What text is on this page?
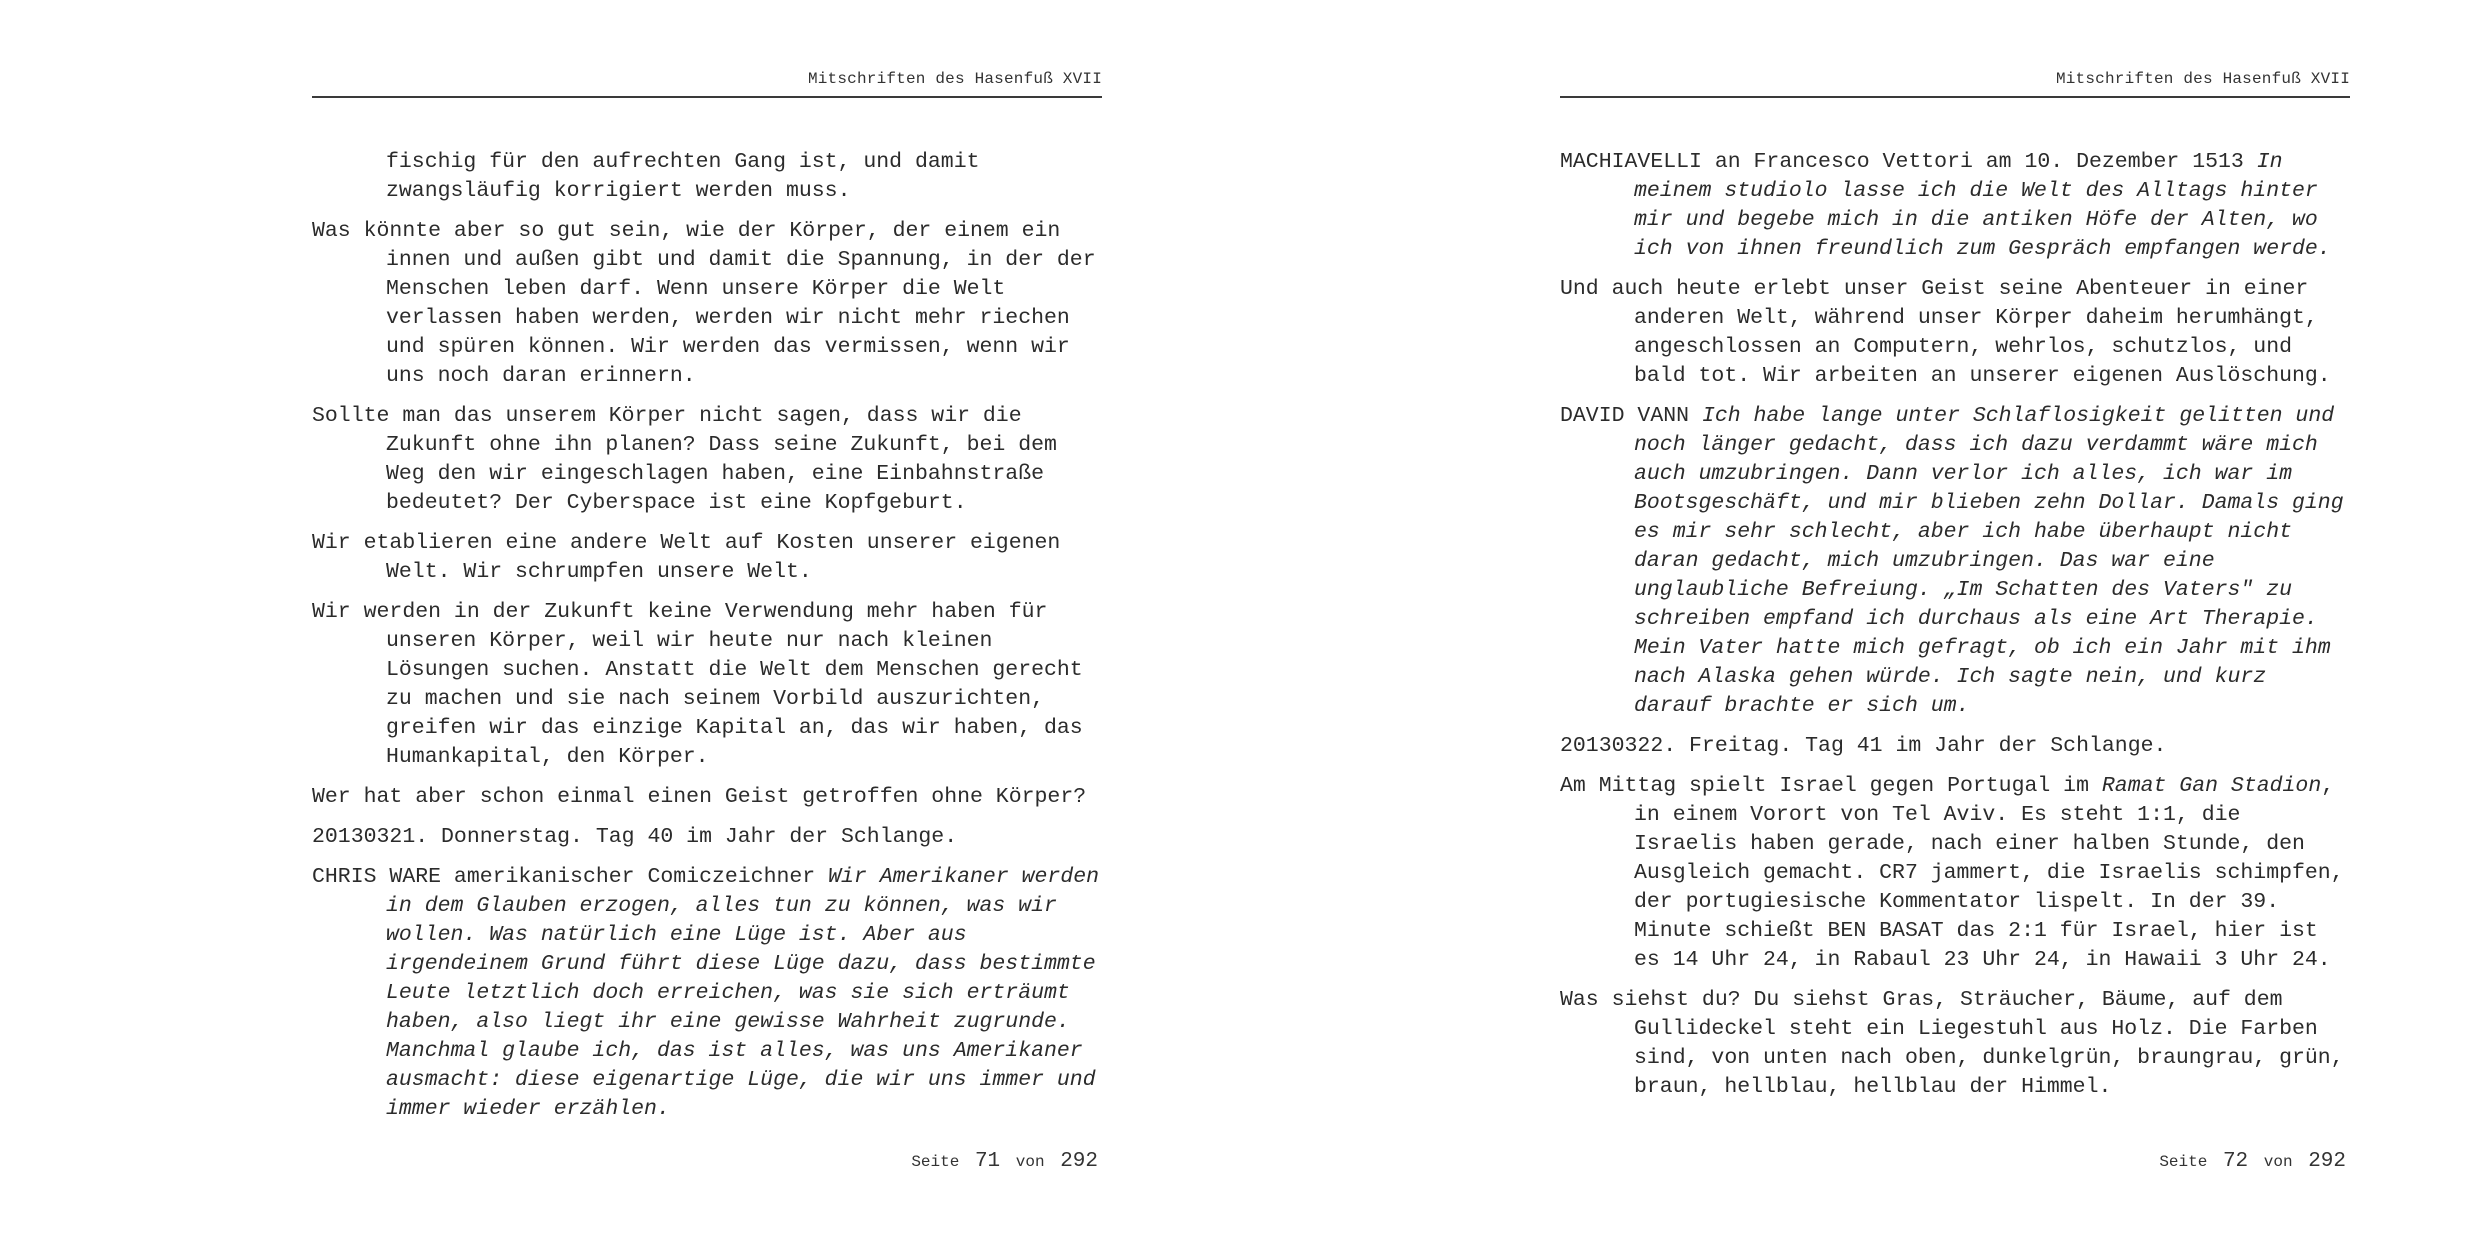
Mitschriften des Hasenfuß XVII

fischig für den aufrechten Gang ist, und damit zwangsläufig korrigiert werden muss.

Was könnte aber so gut sein, wie der Körper, der einem ein innen und außen gibt und damit die Spannung, in der der Menschen leben darf. Wenn unsere Körper die Welt verlassen haben werden, werden wir nicht mehr riechen und spüren können. Wir werden das vermissen, wenn wir uns noch daran erinnern.

Sollte man das unserem Körper nicht sagen, dass wir die Zukunft ohne ihn planen? Dass seine Zukunft, bei dem Weg den wir eingeschlagen haben, eine Einbahnstraße bedeutet? Der Cyberspace ist eine Kopfgeburt.

Wir etablieren eine andere Welt auf Kosten unserer eigenen Welt. Wir schrumpfen unsere Welt.

Wir werden in der Zukunft keine Verwendung mehr haben für unseren Körper, weil wir heute nur nach kleinen Lösungen suchen. Anstatt die Welt dem Menschen gerecht zu machen und sie nach seinem Vorbild auszurichten, greifen wir das einzige Kapital an, das wir haben, das Humankapital, den Körper.

Wer hat aber schon einmal einen Geist getroffen ohne Körper?

20130321. Donnerstag. Tag 40 im Jahr der Schlange.

CHRIS WARE amerikanischer Comiczeichner Wir Amerikaner werden in dem Glauben erzogen, alles tun zu können, was wir wollen. Was natürlich eine Lüge ist. Aber aus irgendeinem Grund führt diese Lüge dazu, dass bestimmte Leute letztlich doch erreichen, was sie sich erträumt haben, also liegt ihr eine gewisse Wahrheit zugrunde. Manchmal glaube ich, das ist alles, was uns Amerikaner ausmacht: diese eigenartige Lüge, die wir uns immer und immer wieder erzählen.

Seite 71 von 292
Mitschriften des Hasenfuß XVII

MACHIAVELLI an Francesco Vettori am 10. Dezember 1513 In meinem studiolo lasse ich die Welt des Alltags hinter mir und begebe mich in die antiken Höfe der Alten, wo ich von ihnen freundlich zum Gespräch empfangen werde.

Und auch heute erlebt unser Geist seine Abenteuer in einer anderen Welt, während unser Körper daheim herumhängt, angeschlossen an Computern, wehrlos, schutzlos, und bald tot. Wir arbeiten an unserer eigenen Auslöschung.

DAVID VANN Ich habe lange unter Schlaflosigkeit gelitten und noch länger gedacht, dass ich dazu verdammt wäre mich auch umzubringen. Dann verlor ich alles, ich war im Bootsgeschäft, und mir blieben zehn Dollar. Damals ging es mir sehr schlecht, aber ich habe überhaupt nicht daran gedacht, mich umzubringen. Das war eine unglaubliche Befreiung. „Im Schatten des Vaters" zu schreiben empfand ich durchaus als eine Art Therapie. Mein Vater hatte mich gefragt, ob ich ein Jahr mit ihm nach Alaska gehen würde. Ich sagte nein, und kurz darauf brachte er sich um.

20130322. Freitag. Tag 41 im Jahr der Schlange.

Am Mittag spielt Israel gegen Portugal im Ramat Gan Stadion, in einem Vorort von Tel Aviv. Es steht 1:1, die Israelis haben gerade, nach einer halben Stunde, den Ausgleich gemacht. CR7 jammert, die Israelis schimpfen, der portugiesische Kommentator lispelt. In der 39. Minute schießt BEN BASAT das 2:1 für Israel, hier ist es 14 Uhr 24, in Rabaul 23 Uhr 24, in Hawaii 3 Uhr 24.

Was siehst du? Du siehst Gras, Sträucher, Bäume, auf dem Gullideckel steht ein Liegestuhl aus Holz. Die Farben sind, von unten nach oben, dunkelgrün, braungrau, grün, braun, hellblau, hellblau der Himmel.

Seite 72 von 292
